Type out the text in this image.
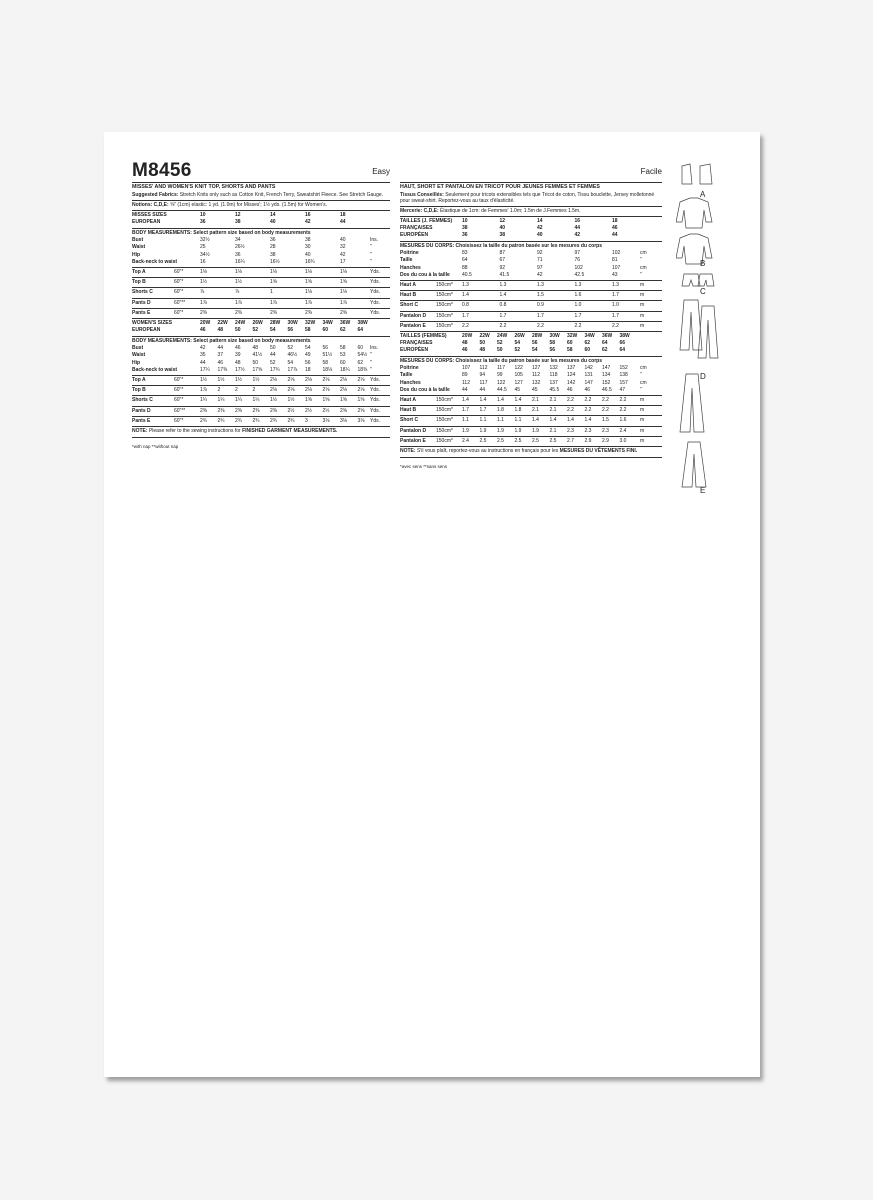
M8456	Easy
MISSES' AND WOMEN'S KNIT TOP, SHORTS AND PANTS
Suggested Fabrics: Stretch Knits only such as Cotton Knit, French Terry, Sweatshirt Fleece. See Stretch Gauge.
Notions: C,D,E: ⅝" (1cm) elastic: 1 yd. (1.0m) for Misses'; 1½ yds. (1.5m) for Women's.
MISSES SIZES	10	12	14	16	18
EUROPEAN	36	38	40	42	44
BODY MEASUREMENTS: Select pattern size based on body measurements
Bust	32½	34	36	38	40	Ins.
Waist	25	26½	28	30	32	"
Hip	34½	36	38	40	42	"
Back-neck to waist	16	16¼	16½	16¾	17	"
Top A	60"*	1⅛	1⅛	1⅛	1⅛	1⅛	Yds.
Top B	60"*	1½	1½	1⅝	1⅝	1⅝	Yds.
Shorts C	60"*	⅞	⅞	1	1⅛	1⅛	Yds.
Pants D	60"**	1⅞	1⅞	1⅞	1⅞	1⅞	Yds.
Pants E	60"*	2⅜	2⅜	2⅜	2⅜	2⅜	Yds.
WOMEN'S SIZES	20W 22W 24W 26W 28W 30W 32W 34W 36W 38W
EUROPEAN	46 48 50 52 54 56 58 60 62 64
BODY MEASUREMENTS: Select pattern size based on body measurements
Bust	42 44 46 48 50 52 54 56 58 60 Ins.
Waist	35 37 39 41½ 44 46½ 49 51½ 53 54½ "
Hip	44 46 48 50 52 54 56 58 60 62 "
Back-neck to waist	17¼ 17⅜ 17½ 17⅝ 17¾ 17⅞ 18 18⅛ 18¼ 18⅜ "
Top A	60"*	1½ 1½ 1½ 1½ 2⅛ 2⅛ 2⅛ 2⅛ 2⅛ 2⅛ Yds.
Top B	60"*	1⅞ 2	2	2	2⅛ 2⅛ 2⅛ 2⅛ 2⅛ 2⅛ Yds.
Shorts C	60"*	1¼ 1¼ 1¼ 1¼ 1½ 1½ 1⅝ 1⅝ 1⅝ 1⅝ Yds.
Pants D	60"**	2⅜ 2⅜ 2⅜ 2⅜ 2⅜ 2½ 2½ 2½ 2⅝ 2⅝ Yds.
Pants E	60"*	2¾ 2¾ 2¾ 2¾ 2¾ 2¾ 3	3⅛ 3⅛ 3⅛ Yds.
NOTE: Please refer to the sewing instructions for FINISHED GARMENT MEASUREMENTS.
*with nap **without nap
Facile
HAUT, SHORT ET PANTALON EN TRICOT POUR JEUNES FEMMES ET FEMMES
Tissus Conseillés: Seulement pour tricots extensibles tels que Tricot de coton, Tissu bouclette, Jersey molletonné pour sweat-shirt. Reportez-vous au taux d'élasticité.
Mercerie: C,D,E: Élastique de 1cm: de Femmes' 1.0m; 1.5m de J.Femmes 1.5m.
TAILLES (J. FEMMES) 10	12	14	16	18
FRANÇAISES	38	40	42	44	46
EUROPÉEN	36	38	40	42	44
MESURES DU CORPS: Choisissez la taille du patron basée sur les mesures du corps
Poitrine	83	87	92	97	102	cm
Taille	64	67	71	76	81	"
Hanches	88	92	97	102	107	cm
Dos du cou à la taille 40.5	41.5	42	42.5	43	"
Haut A	150cm* 1.3	1.3	1.3	1.3	1.3	m
Haut B	150cm* 1.4	1.4	1.5	1.6	1.7	m
Short C	150cm* 0.8	0.8	0.9	1.0	1.0	m
Pantalon D 150cm* 1.7	1.7	1.7	1.7	1.7	m
Pantalon E 150cm* 2.2	2.2	2.2	2.2	2.2	m
TAILLES (FEMMES)	20W 22W 24W 26W 28W 30W 32W 34W 36W 38W
FRANÇAISES	48 50 52 54 56 58 60 62 64 66
EUROPÉEN	46 48 50 52 54 56 58 60 62 64
MESURES DU CORPS: Choisissez la taille du patron basée sur les mesures du corps
Poitrine	107 112 117 122 127 132 137 142 147 152 cm
Taille	89 94 99 105 112 118 124 131 134 138 "
Hanches	112 117 122 127 132 137 142 147 152 157 cm
Dos du cou à la taille 44 44 44.5 45 45 45.5 46 46 46.5 47	"
Haut A	150cm* 1.4 1.4 1.4 1.4 2.1 2.1 2.2 2.2 2.2 2.2	m
Haut B	150cm* 1.7 1.7 1.8 1.8 2.1 2.1 2.2 2.2 2.2 2.2	m
Short C	150cm* 1.1 1.1 1.1 1.1 1.4 1.4 1.4 1.4 1.5 1.6	m
Pantalon D 150cm* 1.9 1.9 1.9 1.9 1.9 2.1 2.3 2.3 2.3 2.4	m
Pantalon E 150cm* 2.4 2.5 2.5 2.5 2.5 2.5 2.7 2.9 2.9 3.0	m
NOTE: S'il vous plaît, reportez-vous au instructions en français pour les MESURES DU VÊTEMENTS FINI.
*avec sens **sans sens
A
B
C
D
E
